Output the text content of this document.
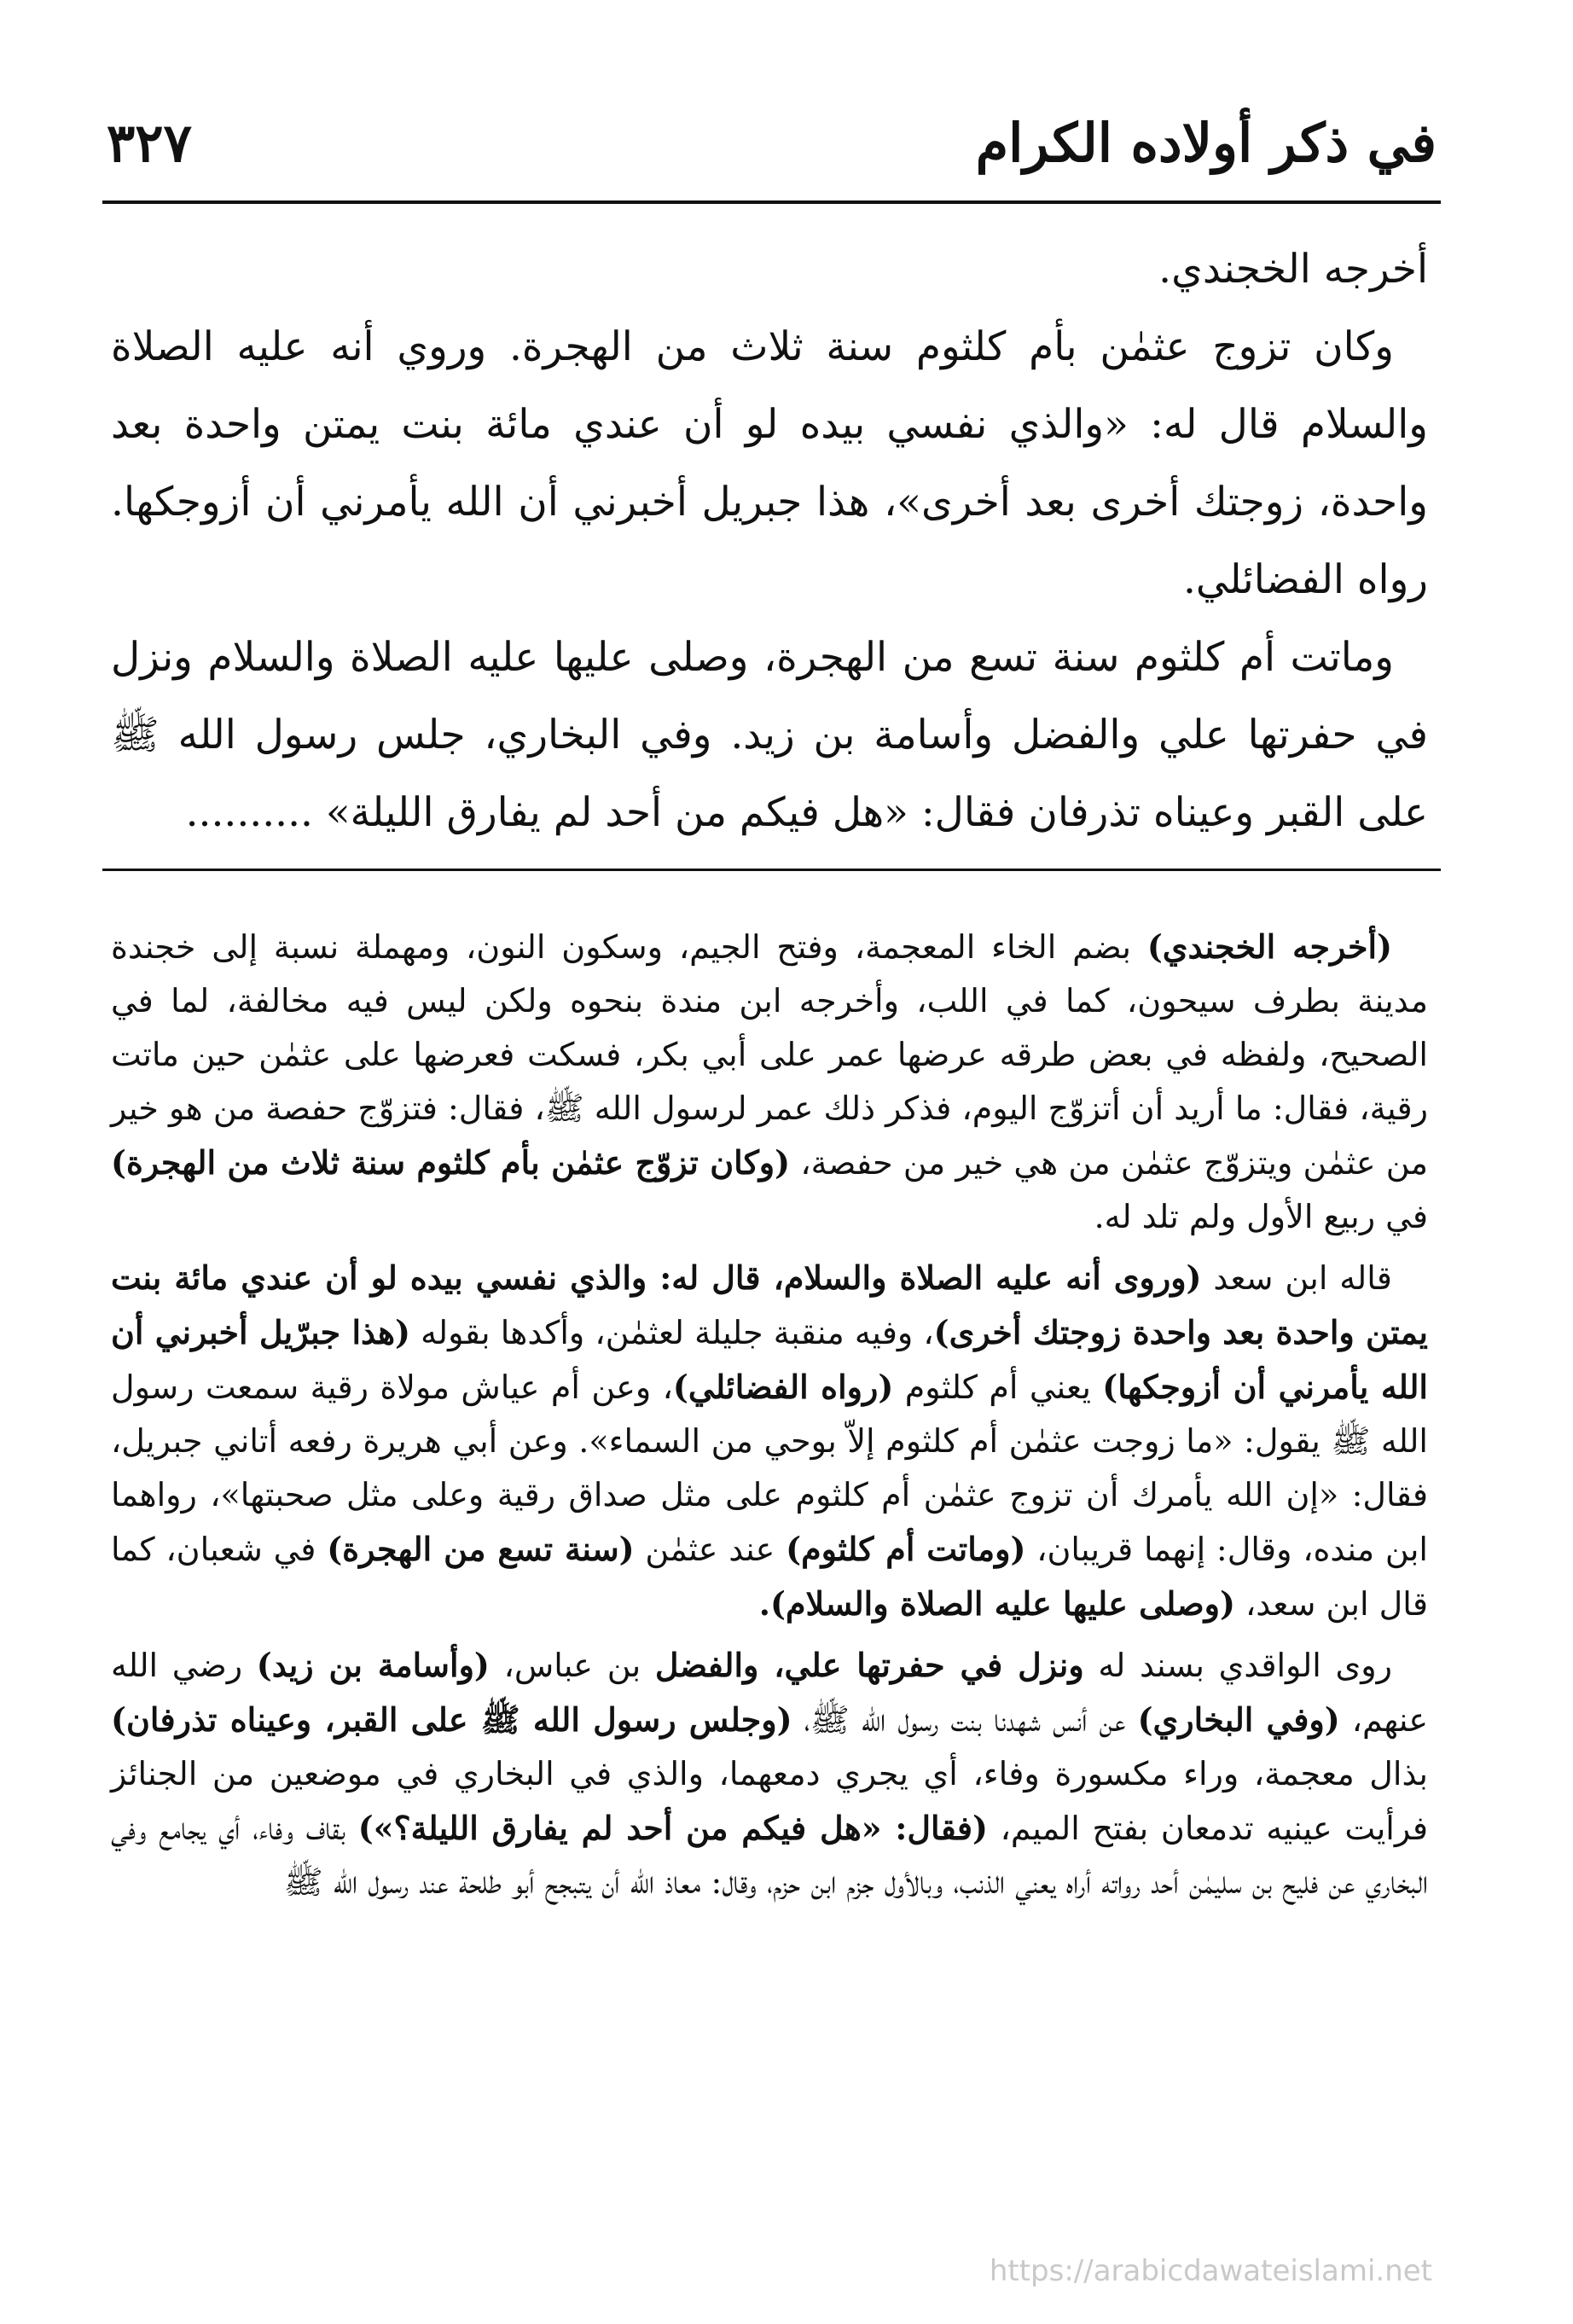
في ذكر أولاده الكرام
٣٢٧

أخرجه الخجندي.

وكان تزوج عثمٰن بأم كلثوم سنة ثلاث من الهجرة. وروي أنه عليه الصلاة والسلام قال له: «والذي نفسي بيده لو أن عندي مائة بنت يمتن واحدة بعد واحدة، زوجتك أخرى بعد أخرى»، هذا جبريل أخبرني أن الله يأمرني أن أزوجكها. رواه الفضائلي.

وماتت أم كلثوم سنة تسع من الهجرة، وصلى عليها عليه الصلاة والسلام ونزل في حفرتها علي والفضل وأسامة بن زيد. وفي البخاري، جلس رسول الله ﷺ على القبر وعيناه تذرفان فقال: «هل فيكم من أحد لم يفارق الليلة» ..........

(أخرجه الخجندي) بضم الخاء المعجمة، وفتح الجيم، وسكون النون، ومهملة نسبة إلى خجندة مدينة بطرف سيحون، كما في اللب، وأخرجه ابن مندة بنحوه ولكن ليس فيه مخالفة، لما في الصحيح، ولفظه في بعض طرقه عرضها عمر على أبي بكر، فسكت فعرضها على عثمٰن حين ماتت رقية، فقال: ما أريد أن أتزوّج اليوم، فذكر ذلك عمر لرسول الله ﷺ، فقال: فتزوّج حفصة من هو خير من عثمٰن ويتزوّج عثمٰن من هي خير من حفصة، (وكان تزوّج عثمٰن بأم كلثوم سنة ثلاث من الهجرة) في ربيع الأول ولم تلد له.

قاله ابن سعد (وروى أنه عليه الصلاة والسلام، قال له: والذي نفسي بيده لو أن عندي مائة بنت يمتن واحدة بعد واحدة زوجتك أخرى)، وفيه منقبة جليلة لعثمٰن، وأكدها بقوله (هذا جبرّيل أخبرني أن الله يأمرني أن أزوجكها) يعني أم كلثوم (رواه الفضائلي)، وعن أم عياش مولاة رقية سمعت رسول الله ﷺ يقول: «ما زوجت عثمٰن أم كلثوم إلاّ بوحي من السماء». وعن أبي هريرة رفعه أتاني جبريل، فقال: «إن الله يأمرك أن تزوج عثمٰن أم كلثوم على مثل صداق رقية وعلى مثل صحبتها»، رواهما ابن منده، وقال: إنهما قريبان، (وماتت أم كلثوم) عند عثمٰن (سنة تسع من الهجرة) في شعبان، كما قال ابن سعد، (وصلى عليها عليه الصلاة والسلام).

روى الواقدي بسند له ونزل في حفرتها علي، والفضل بن عباس، (وأسامة بن زيد) رضي الله عنهم، (وفي البخاري) عن أنس شهدنا بنت رسول الله ﷺ، (وجلس رسول الله ﷺ على القبر، وعيناه تذرفان) بذال معجمة، وراء مكسورة وفاء، أي يجري دمعهما، والذي في البخاري في موضعين من الجنائز فرأيت عينيه تدمعان بفتح الميم، (فقال: «هل فيكم من أحد لم يفارق الليلة؟») بقاف وفاء، أي يجامع وفي البخاري عن فليح بن سليمٰن أحد رواته أراه يعني الذنب، وبالأول جزم ابن حزم، وقال: معاذ الله أن يتبجح أبو طلحة عند رسول الله ﷺ

https://arabicdawateislami.net
